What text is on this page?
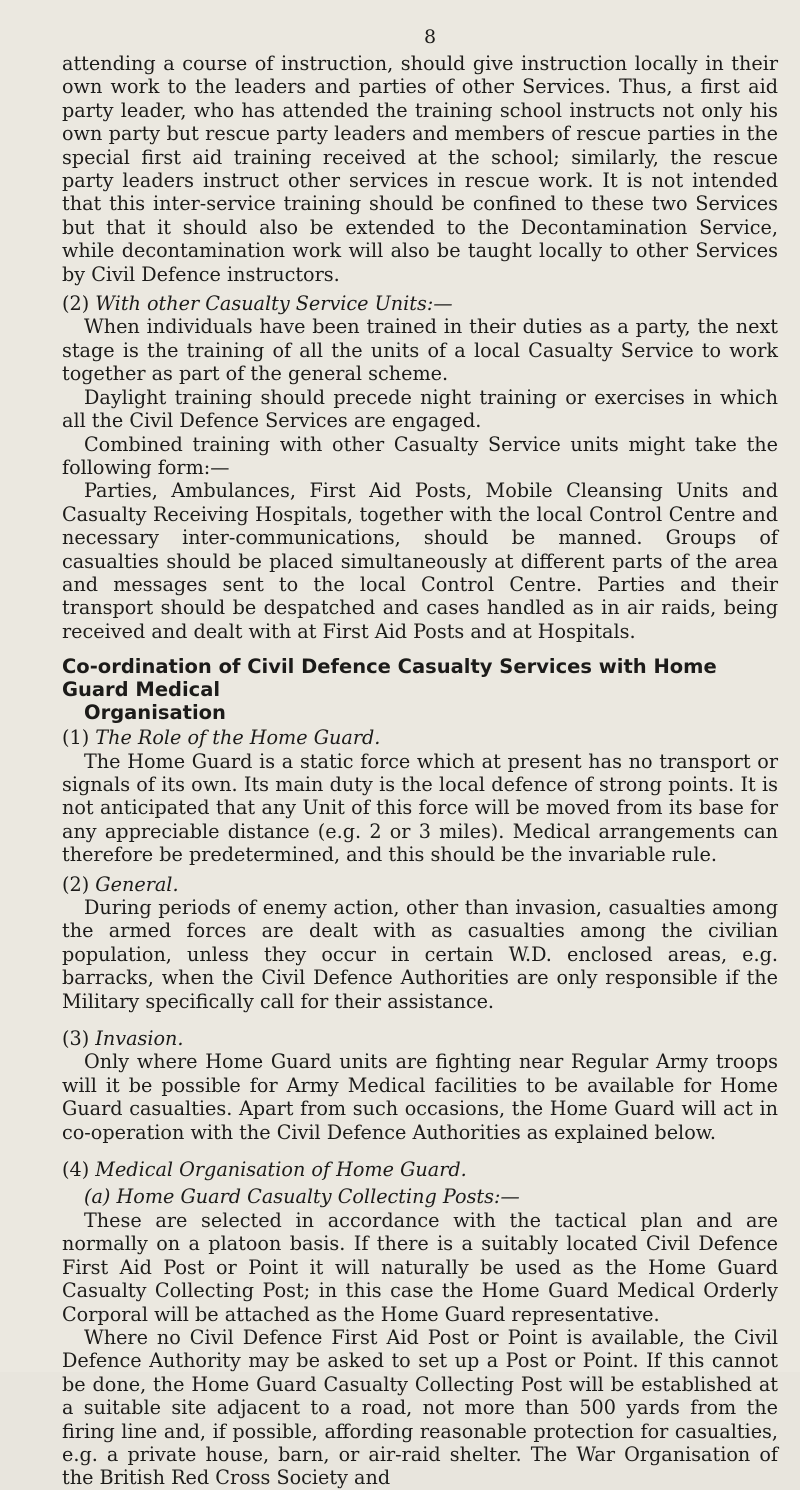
8

attending a course of instruction, should give instruction locally in their own work to the leaders and parties of other Services. Thus, a first aid party leader, who has attended the training school instructs not only his own party but rescue party leaders and members of rescue parties in the special first aid training received at the school; similarly, the rescue party leaders instruct other services in rescue work. It is not intended that this inter-service training should be confined to these two Services but that it should also be extended to the Decontamination Service, while decontamination work will also be taught locally to other Services by Civil Defence instructors.

(2) With other Casualty Service Units:—

When individuals have been trained in their duties as a party, the next stage is the training of all the units of a local Casualty Service to work together as part of the general scheme.

Daylight training should precede night training or exercises in which all the Civil Defence Services are engaged.

Combined training with other Casualty Service units might take the following form:—

Parties, Ambulances, First Aid Posts, Mobile Cleansing Units and Casualty Receiving Hospitals, together with the local Control Centre and necessary inter-communications, should be manned. Groups of casualties should be placed simultaneously at different parts of the area and messages sent to the local Control Centre. Parties and their transport should be despatched and cases handled as in air raids, being received and dealt with at First Aid Posts and at Hospitals.

Co-ordination of Civil Defence Casualty Services with Home Guard Medical
Organisation

(1) The Role of the Home Guard.

The Home Guard is a static force which at present has no transport or signals of its own. Its main duty is the local defence of strong points. It is not anticipated that any Unit of this force will be moved from its base for any appreciable distance (e.g. 2 or 3 miles). Medical arrangements can therefore be predetermined, and this should be the invariable rule.

(2) General.

During periods of enemy action, other than invasion, casualties among the armed forces are dealt with as casualties among the civilian population, unless they occur in certain W.D. enclosed areas, e.g. barracks, when the Civil Defence Authorities are only responsible if the Military specifically call for their assistance.

(3) Invasion.

Only where Home Guard units are fighting near Regular Army troops will it be possible for Army Medical facilities to be available for Home Guard casualties. Apart from such occasions, the Home Guard will act in co-operation with the Civil Defence Authorities as explained below.

(4) Medical Organisation of Home Guard.

(a) Home Guard Casualty Collecting Posts:—

These are selected in accordance with the tactical plan and are normally on a platoon basis. If there is a suitably located Civil Defence First Aid Post or Point it will naturally be used as the Home Guard Casualty Collecting Post; in this case the Home Guard Medical Orderly Corporal will be attached as the Home Guard representative.

Where no Civil Defence First Aid Post or Point is available, the Civil Defence Authority may be asked to set up a Post or Point. If this cannot be done, the Home Guard Casualty Collecting Post will be established at a suitable site adjacent to a road, not more than 500 yards from the firing line and, if possible, affording reasonable protection for casualties, e.g. a private house, barn, or air-raid shelter. The War Organisation of the British Red Cross Society and
